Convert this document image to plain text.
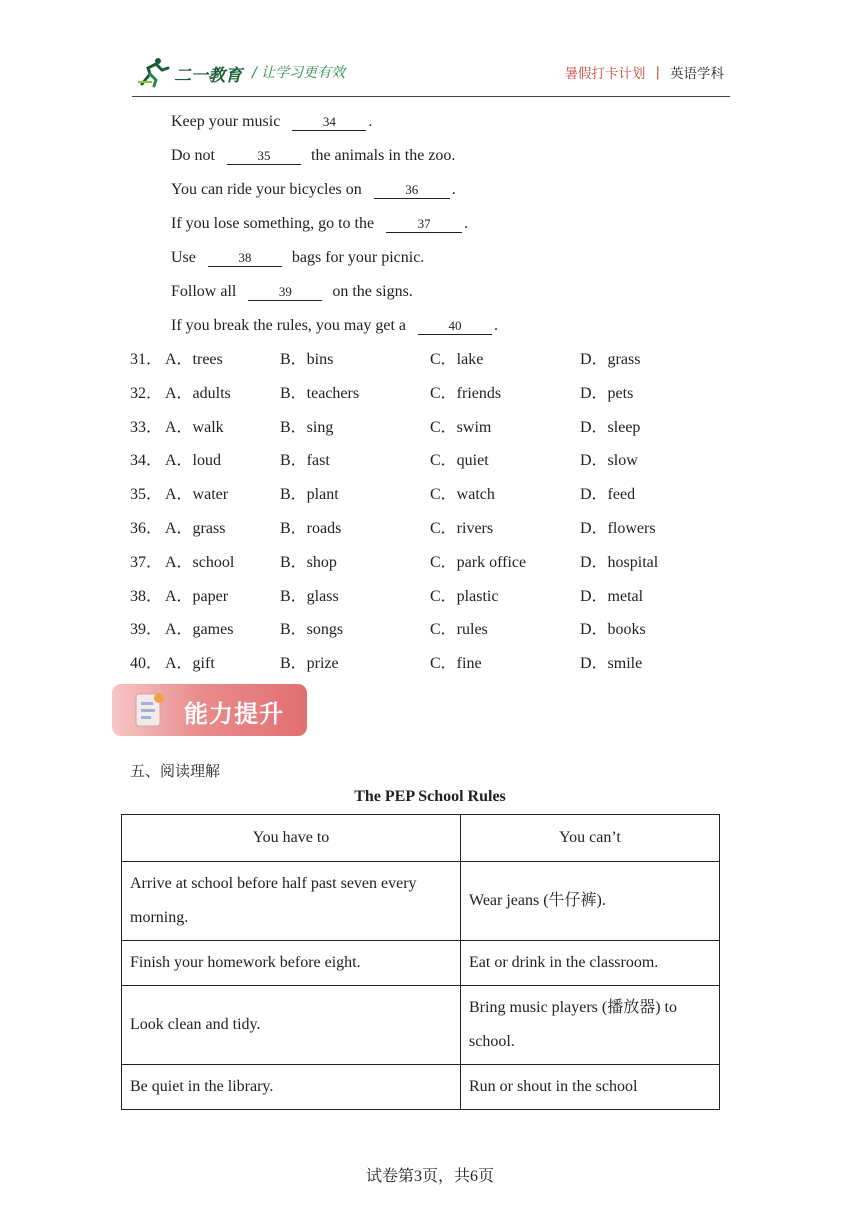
二一教育 / 让学习更有效	暑假打卡计划 | 英语学科
Keep your music	34 .
Do not	35	the animals in the zoo.
You can ride your bicycles on	36 .
If you lose something, go to the	37 .
Use	38	bags for your picnic.
Follow all	39	on the signs.
If you break the rules, you may get a	40 .
31． A．trees	B．bins	C．lake	D．grass
32． A．adults	B．teachers	C．friends	D．pets
33． A．walk	B．sing	C．swim	D．sleep
34． A．loud	B．fast	C．quiet	D．slow
35． A．water	B．plant	C．watch	D．feed
36． A．grass	B．roads	C．rivers	D．flowers
37． A．school	B．shop	C．park office	D．hospital
38． A．paper	B．glass	C．plastic	D．metal
39． A．games	B．songs	C．rules	D．books
40． A．gift	B．prize	C．fine	D．smile
能力提升
五、阅读理解
The PEP School Rules
You have to	You can’t
Arrive at school before half past seven every morning.	Wear jeans (牛仔裤).
Finish your homework before eight.	Eat or drink in the classroom.
Look clean and tidy.	Bring music players (播放器) to school.
Be quiet in the library.	Run or shout in the school
试卷第3页，共6页
